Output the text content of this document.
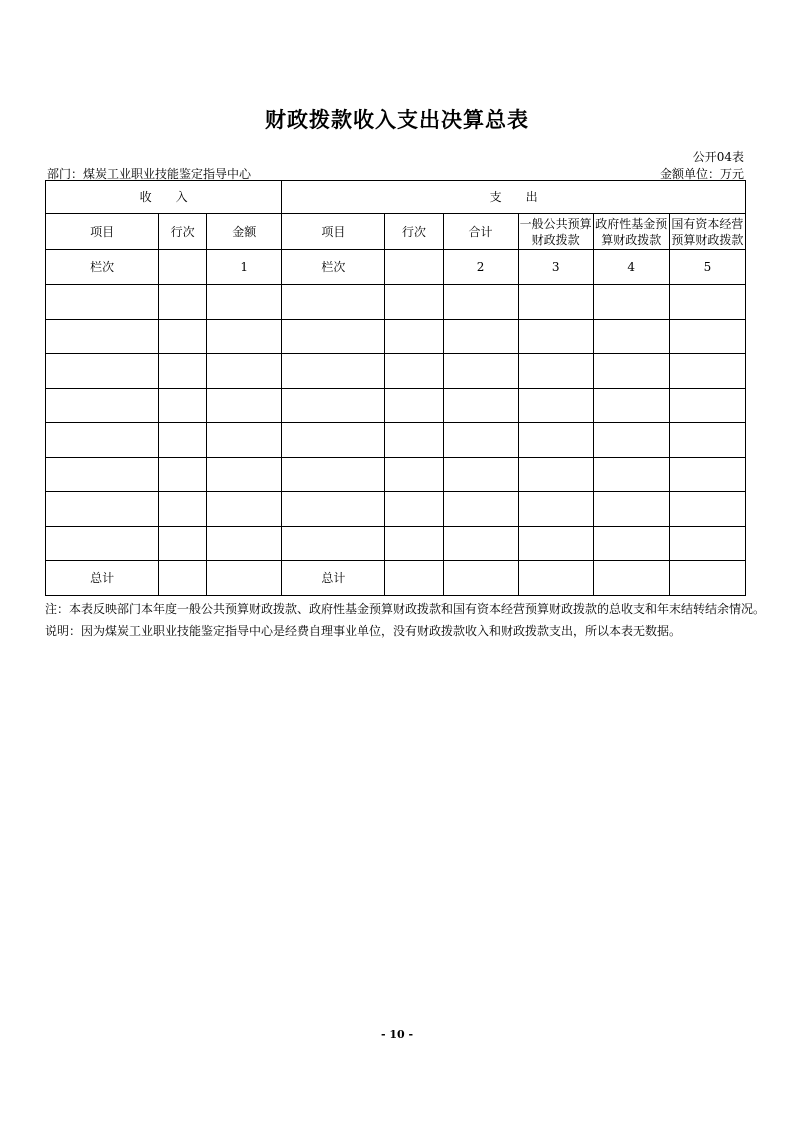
财政拨款收入支出决算总表
公开04表
部门：煤炭工业职业技能鉴定指导中心	金额单位：万元
收　　入			支　　出					
项目	行次	金额	项目	行次	合计	一般公共预算财政拨款	政府性基金预算财政拨款	国有资本经营预算财政拨款
栏次		1	栏次		2	3	4	5

总计			总计					
注：本表反映部门本年度一般公共预算财政拨款、政府性基金预算财政拨款和国有资本经营预算财政拨款的总收支和年末结转结余情况。
说明：因为煤炭工业职业技能鉴定指导中心是经费自理事业单位，没有财政拨款收入和财政拨款支出，所以本表无数据。
- 10 -
